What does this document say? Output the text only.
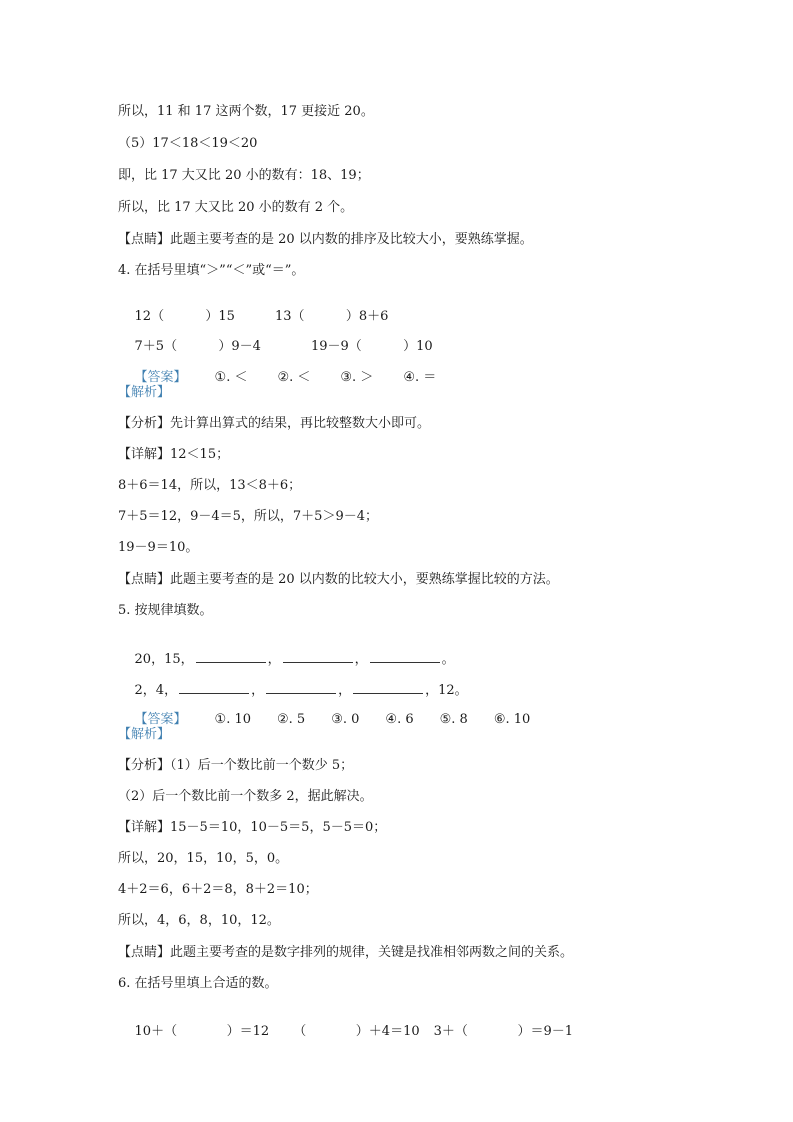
所以，11 和 17 这两个数，17 更接近 20。
（5）17＜18＜19＜20
即，比 17 大又比 20 小的数有：18、19；
所以，比 17 大又比 20 小的数有 2 个。
【点睛】此题主要考查的是 20 以内数的排序及比较大小，要熟练掌握。
4. 在括号里填“＞”“＜”或“＝”。

12（          ）15	13（          ）8＋6

7＋5（          ）9－4	19－9（          ）10

【答案】 ①. ＜ ②. ＜ ③. ＞ ④. ＝

【解析】
【分析】先计算出算式的结果，再比较整数大小即可。
【详解】12＜15；
8＋6＝14，所以，13＜8＋6；
7＋5＝12，9－4＝5，所以，7＋5＞9－4；
19－9＝10。
【点睛】此题主要考查的是 20 以内数的比较大小，要熟练掌握比较的方法。
5. 按规律填数。

20，15，	，	，	。

2，4，	，	，	，12。

【答案】 ①. 10 ②. 5 ③. 0 ④. 6 ⑤. 8 ⑥. 10

【解析】
【分析】（1）后一个数比前一个数少 5；
（2）后一个数比前一个数多 2，据此解决。
【详解】15－5＝10，10－5＝5，5－5＝0；
所以，20，15，10，5，0。
4＋2＝6，6＋2＝8，8＋2＝10；
所以，4，6，8，10，12。
【点睛】此题主要考查的是数字排列的规律，关键是找准相邻两数之间的关系。
6. 在括号里填上合适的数。

10＋（            ）＝12 （            ）＋4＝10 3＋（            ）＝9－1
